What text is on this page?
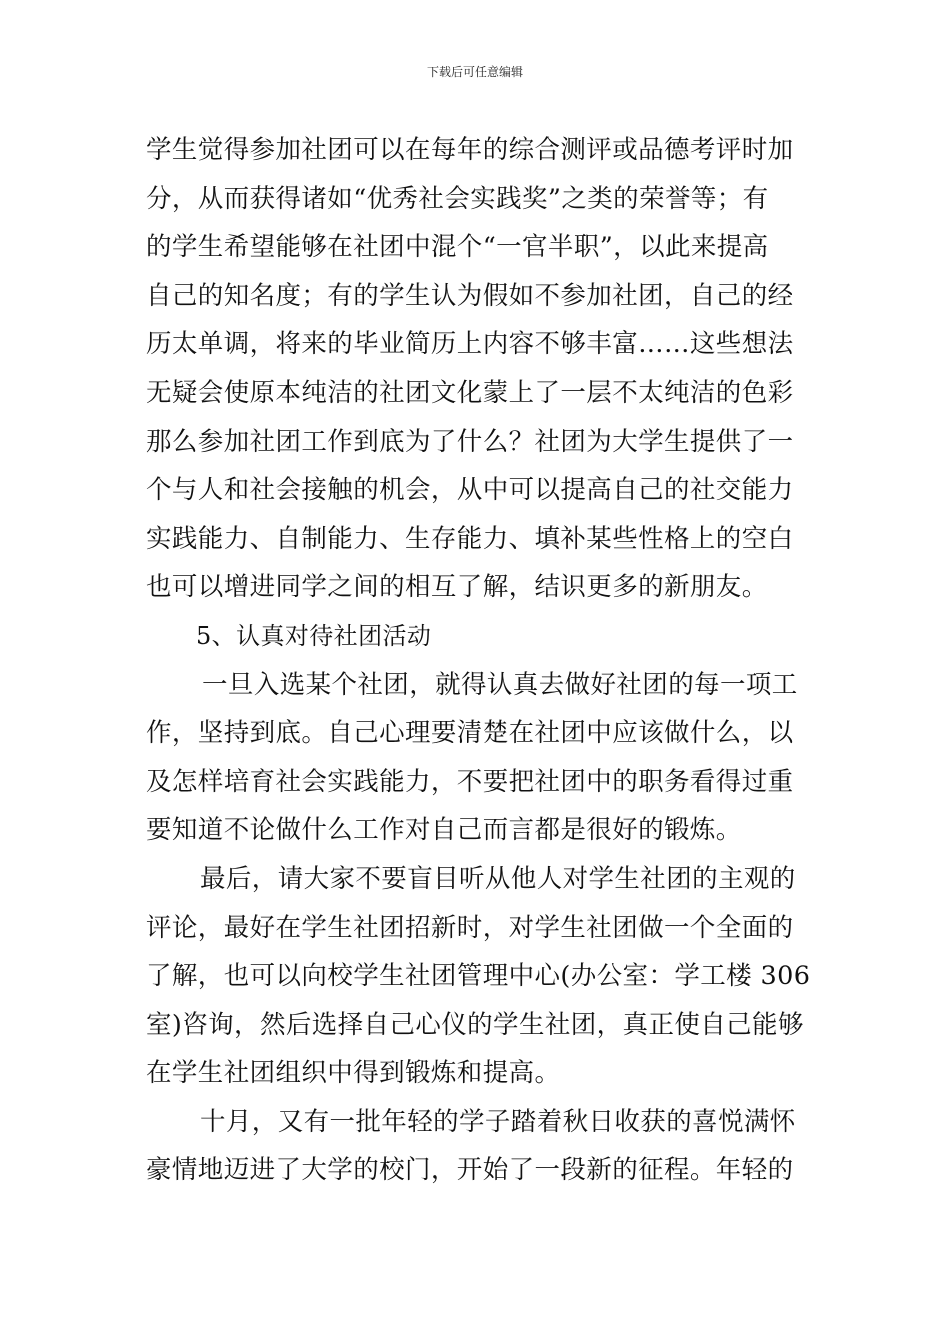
下载后可任意编辑
学生觉得参加社团可以在每年的综合测评或品德考评时加
分，从而获得诸如“优秀社会实践奖”之类的荣誉等；有
的学生希望能够在社团中混个“一官半职”，以此来提高
自己的知名度；有的学生认为假如不参加社团，自己的经
历太单调，将来的毕业简历上内容不够丰富……这些想法
无疑会使原本纯洁的社团文化蒙上了一层不太纯洁的色彩
那么参加社团工作到底为了什么？社团为大学生提供了一
个与人和社会接触的机会，从中可以提高自己的社交能力
实践能力、自制能力、生存能力、填补某些性格上的空白
也可以增进同学之间的相互了解，结识更多的新朋友。
5、认真对待社团活动
一旦入选某个社团，就得认真去做好社团的每一项工
作，坚持到底。自己心理要清楚在社团中应该做什么，以
及怎样培育社会实践能力，不要把社团中的职务看得过重
要知道不论做什么工作对自己而言都是很好的锻炼。
最后，请大家不要盲目听从他人对学生社团的主观的
评论，最好在学生社团招新时，对学生社团做一个全面的
了解，也可以向校学生社团管理中心(办公室：学工楼 306
室)咨询，然后选择自己心仪的学生社团，真正使自己能够
在学生社团组织中得到锻炼和提高。
十月，又有一批年轻的学子踏着秋日收获的喜悦满怀
豪情地迈进了大学的校门，开始了一段新的征程。年轻的
